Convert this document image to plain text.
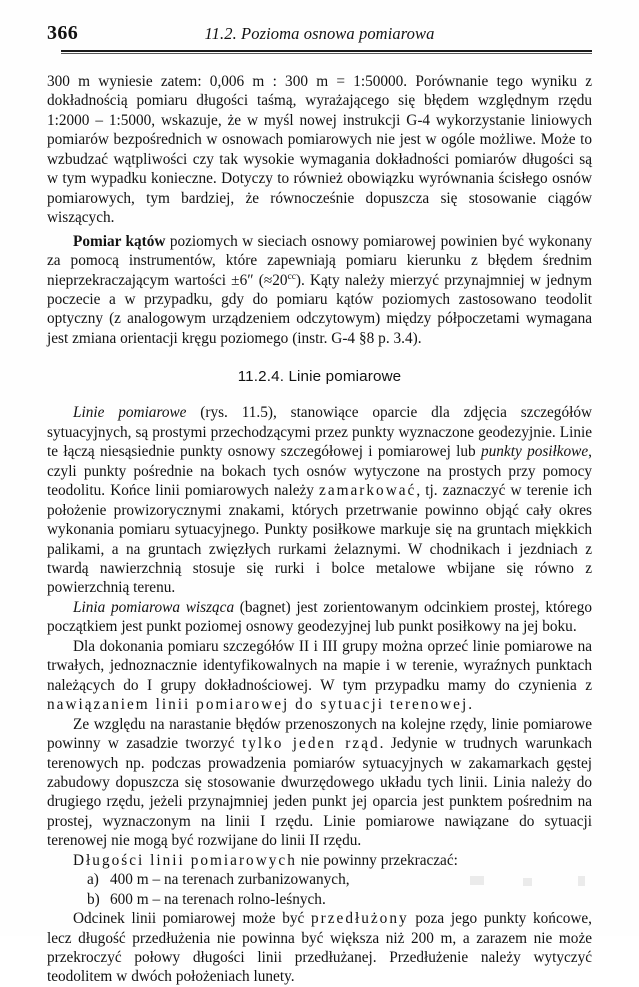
366	11.2. Pozioma osnowa pomiarowa

300 m wyniesie zatem: 0,006 m : 300 m = 1:50000. Porównanie tego wyniku z dokładnością pomiaru długości taśmą, wyrażającego się błędem względnym rzędu 1:2000 – 1:5000, wskazuje, że w myśl nowej instrukcji G-4 wykorzystanie liniowych pomiarów bezpośrednich w osnowach pomiarowych nie jest w ogóle możliwe. Może to wzbudzać wątpliwości czy tak wysokie wymagania dokładności pomiarów długości są w tym wypadku konieczne. Dotyczy to również obowiązku wyrównania ścisłego osnów pomiarowych, tym bardziej, że równocześnie dopuszcza się stosowanie ciągów wiszących.

Pomiar kątów poziomych w sieciach osnowy pomiarowej powinien być wykonany za pomocą instrumentów, które zapewniają pomiaru kierunku z błędem średnim nieprzekraczającym wartości ±6″ $(\approx 20^{cc})$. Kąty należy mierzyć przynajmniej w jednym poczecie a w przypadku, gdy do pomiaru kątów poziomych zastosowano teodolit optyczny (z analogowym urządzeniem odczytowym) między półpoczetami wymagana jest zmiana orientacji kręgu poziomego (instr. G-4 §8 p. 3.4).

11.2.4. Linie pomiarowe

Linie pomiarowe (rys. 11.5), stanowiące oparcie dla zdjęcia szczegółów sytuacyjnych, są prostymi przechodzącymi przez punkty wyznaczone geodezyjnie. Linie te łączą niesąsiednie punkty osnowy szczegółowej i pomiarowej lub punkty posiłkowe, czyli punkty pośrednie na bokach tych osnów wytyczone na prostych przy pomocy teodolitu. Końce linii pomiarowych należy zamarkować, tj. zaznaczyć w terenie ich położenie prowizorycznymi znakami, których przetrwanie powinno objąć cały okres wykonania pomiaru sytuacyjnego. Punkty posiłkowe markuje się na gruntach miękkich palikami, a na gruntach zwięzłych rurkami żelaznymi. W chodnikach i jezdniach z twardą nawierzchnią stosuje się rurki i bolce metalowe wbijane się równo z powierzchnią terenu.

Linia pomiarowa wisząca (bagnet) jest zorientowanym odcinkiem prostej, którego początkiem jest punkt poziomej osnowy geodezyjnej lub punkt posiłkowy na jej boku.

Dla dokonania pomiaru szczegółów II i III grupy można oprzeć linie pomiarowe na trwałych, jednoznacznie identyfikowalnych na mapie i w terenie, wyraźnych punktach należących do I grupy dokładnościowej. W tym przypadku mamy do czynienia z nawiązaniem linii pomiarowej do sytuacji terenowej.

Ze względu na narastanie błędów przenoszonych na kolejne rzędy, linie pomiarowe powinny w zasadzie tworzyć tylko jeden rząd. Jedynie w trudnych warunkach terenowych np. podczas prowadzenia pomiarów sytuacyjnych w zakamarkach gęstej zabudowy dopuszcza się stosowanie dwurzędowego układu tych linii. Linia należy do drugiego rzędu, jeżeli przynajmniej jeden punkt jej oparcia jest punktem pośrednim na prostej, wyznaczonym na linii I rzędu. Linie pomiarowe nawiązane do sytuacji terenowej nie mogą być rozwijane do linii II rzędu.

Długości linii pomiarowych nie powinny przekraczać:

a) 400 m – na terenach zurbanizowanych,
b) 600 m – na terenach rolno-leśnych.

Odcinek linii pomiarowej może być przedłużony poza jego punkty końcowe, lecz długość przedłużenia nie powinna być większa niż 200 m, a zarazem nie może przekroczyć połowy długości linii przedłużanej. Przedłużenie należy wytyczyć teodolitem w dwóch położeniach lunety.
